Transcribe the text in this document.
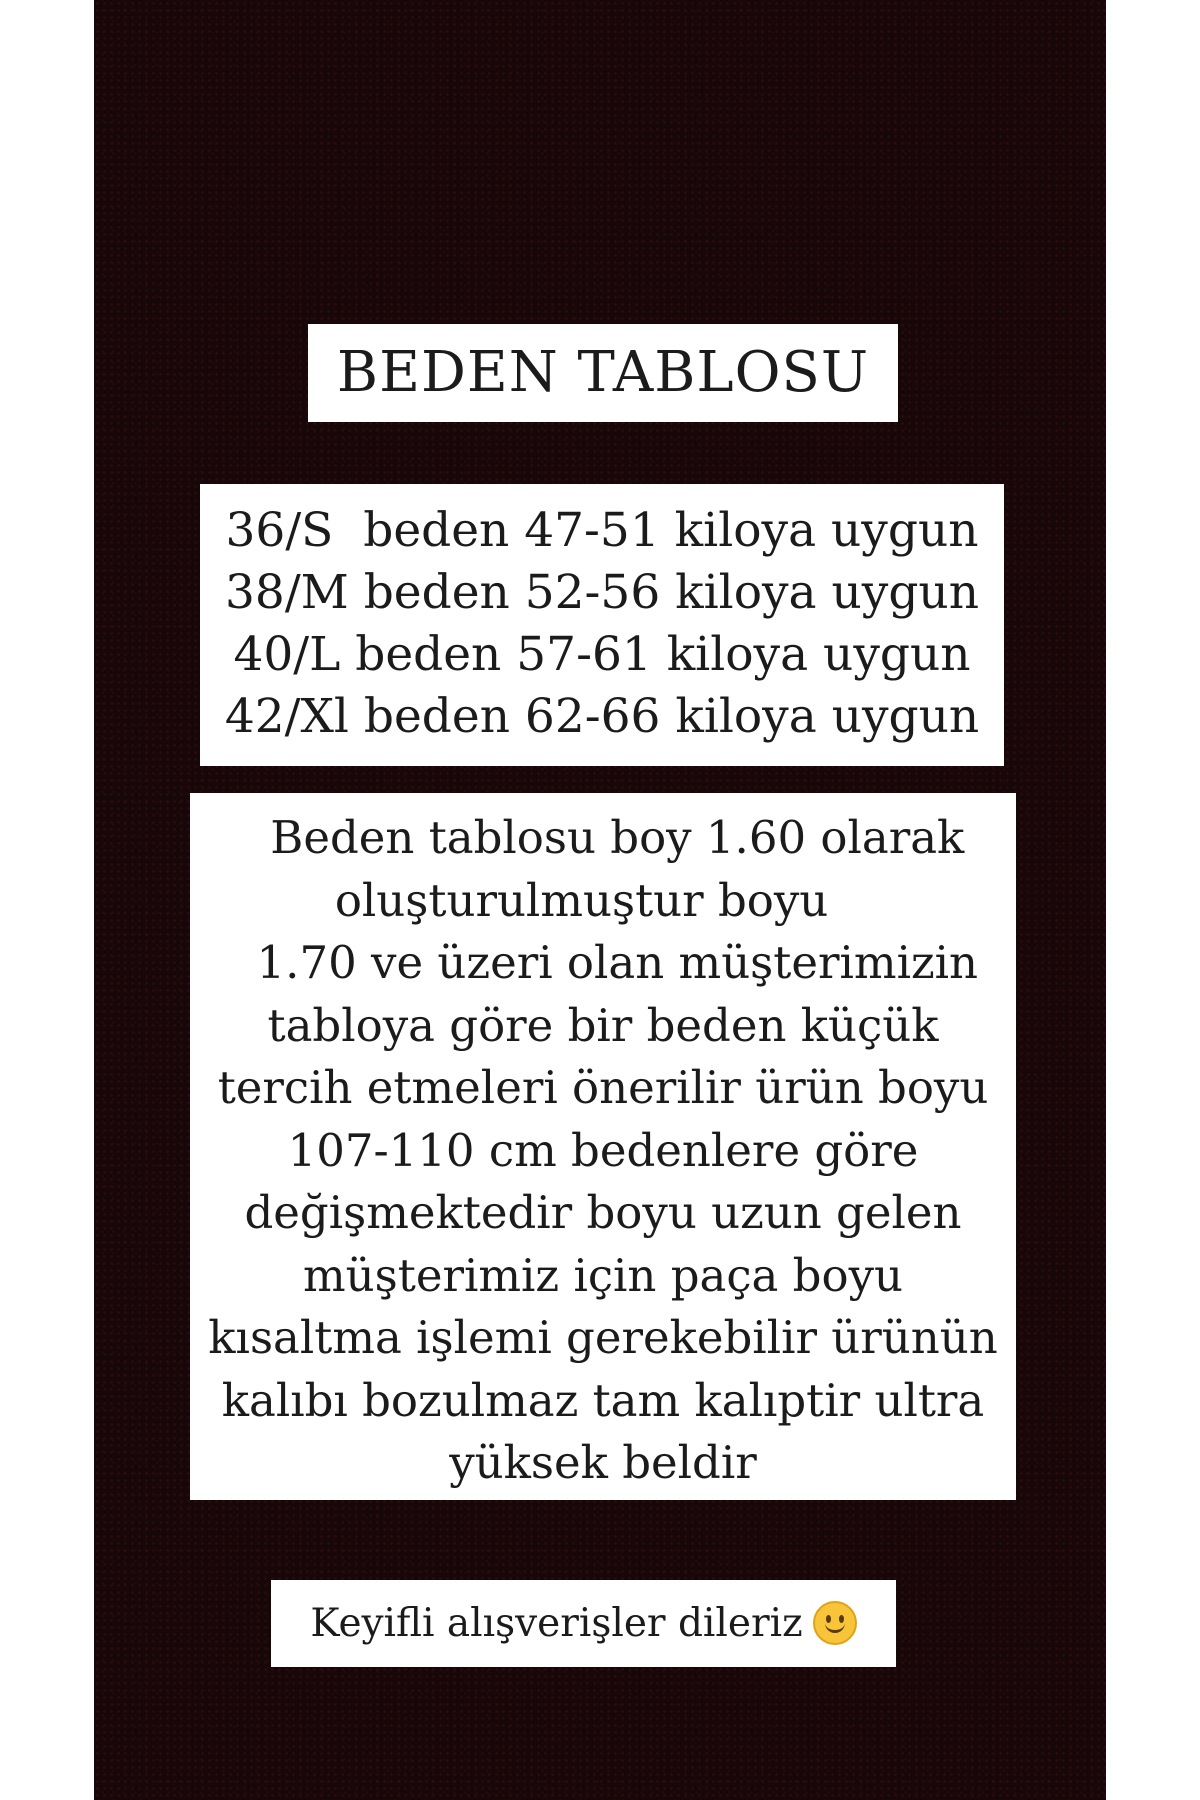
BEDEN TABLOSU
36/S  beden 47-51 kiloya uygun
38/M beden 52-56 kiloya uygun
40/L beden 57-61 kiloya uygun
42/Xl beden 62-66 kiloya uygun
Beden tablosu boy 1.60 olarak
oluşturulmuştur boyu
1.70 ve üzeri olan müşterimizin
tabloya göre bir beden küçük
tercih etmeleri önerilir ürün boyu
107-110 cm bedenlere göre
değişmektedir boyu uzun gelen
müşterimiz için paça boyu
kısaltma işlemi gerekebilir ürünün
kalıbı bozulmaz tam kalıptir ultra
yüksek beldir
Keyifli alışverişler dileriz
